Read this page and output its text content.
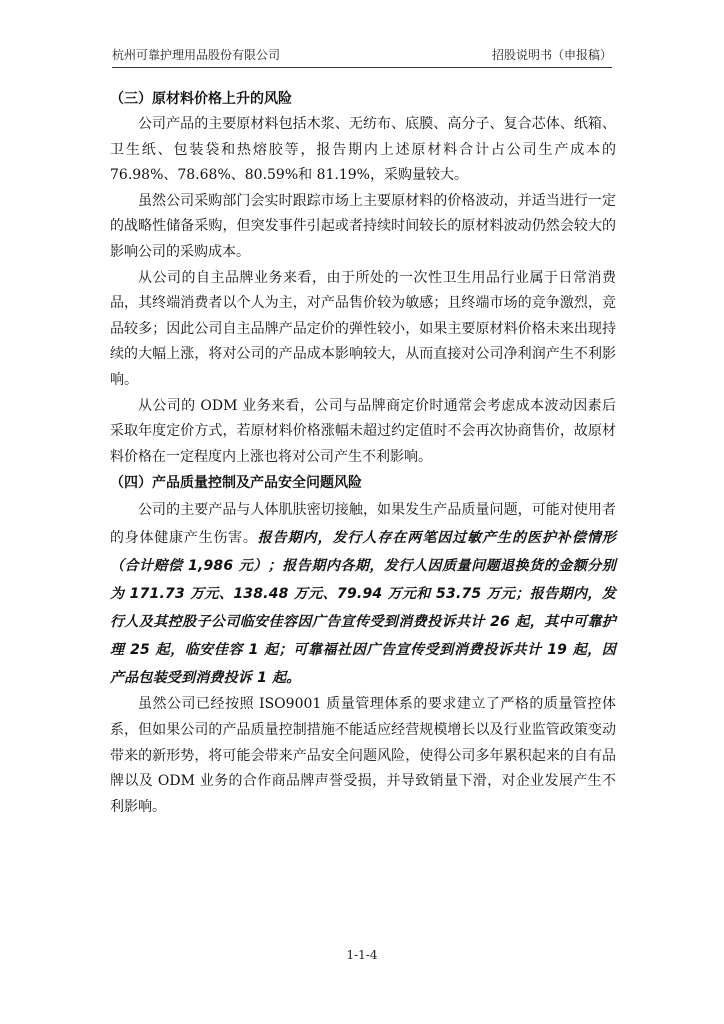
杭州可靠护理用品股份有限公司	招股说明书（申报稿）
（三）原材料价格上升的风险

公司产品的主要原材料包括木浆、无纺布、底膜、高分子、复合芯体、纸箱、卫生纸、包装袋和热熔胶等，报告期内上述原材料合计占公司生产成本的 76.98%、78.68%、80.59%和 81.19%，采购量较大。

虽然公司采购部门会实时跟踪市场上主要原材料的价格波动，并适当进行一定的战略性储备采购，但突发事件引起或者持续时间较长的原材料波动仍然会较大的影响公司的采购成本。

从公司的自主品牌业务来看，由于所处的一次性卫生用品行业属于日常消费品，其终端消费者以个人为主，对产品售价较为敏感；且终端市场的竞争激烈，竞品较多；因此公司自主品牌产品定价的弹性较小，如果主要原材料价格未来出现持续的大幅上涨，将对公司的产品成本影响较大，从而直接对公司净利润产生不利影响。

从公司的 ODM 业务来看，公司与品牌商定价时通常会考虑成本波动因素后采取年度定价方式，若原材料价格涨幅未超过约定值时不会再次协商售价，故原材料价格在一定程度内上涨也将对公司产生不利影响。

（四）产品质量控制及产品安全问题风险

公司的主要产品与人体肌肤密切接触，如果发生产品质量问题，可能对使用者的身体健康产生伤害。报告期内，发行人存在两笔因过敏产生的医护补偿情形（合计赔偿 1,986 元）；报告期内各期，发行人因质量问题退换货的金额分别为 171.73 万元、138.48 万元、79.94 万元和 53.75 万元；报告期内，发行人及其控股子公司临安佳容因广告宣传受到消费投诉共计 26 起，其中可靠护理 25 起，临安佳容 1 起；可靠福社因广告宣传受到消费投诉共计 19 起，因产品包装受到消费投诉 1 起。

虽然公司已经按照 ISO9001 质量管理体系的要求建立了严格的质量管控体系，但如果公司的产品质量控制措施不能适应经营规模增长以及行业监管政策变动带来的新形势，将可能会带来产品安全问题风险，使得公司多年累积起来的自有品牌以及 ODM 业务的合作商品牌声誉受损，并导致销量下滑，对企业发展产生不利影响。

1-1-4
